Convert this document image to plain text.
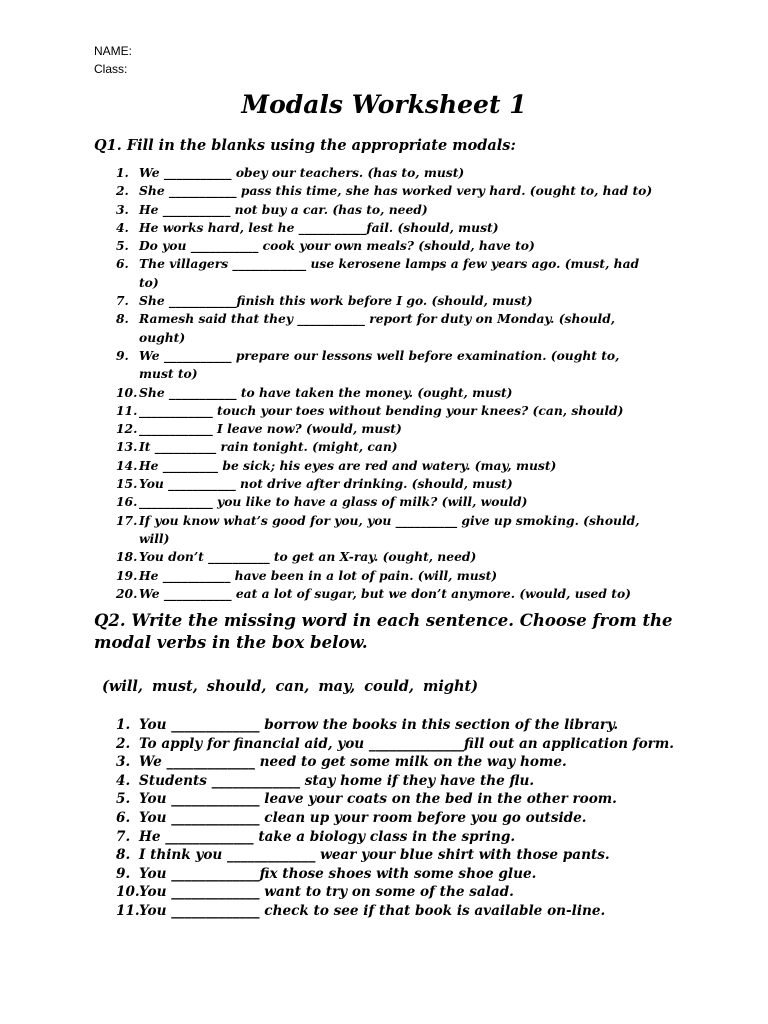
NAME:
Class:
Modals Worksheet 1
Q1. Fill in the blanks using the appropriate modals:
1. We ___________ obey our teachers. (has to, must)
2. She ___________ pass this time, she has worked very hard. (ought to, had to)
3. He ___________ not buy a car. (has to, need)
4. He works hard, lest he ___________fail. (should, must)
5. Do you ___________ cook your own meals? (should, have to)
6. The villagers ____________ use kerosene lamps a few years ago. (must, had to)
7. She ___________finish this work before I go. (should, must)
8. Ramesh said that they ___________ report for duty on Monday. (should, ought)
9. We ___________ prepare our lessons well before examination. (ought to, must to)
10. She ___________ to have taken the money. (ought, must)
11. ____________ touch your toes without bending your knees? (can, should)
12. ____________ I leave now? (would, must)
13. It __________ rain tonight. (might, can)
14. He _________ be sick; his eyes are red and watery. (may, must)
15. You ___________ not drive after drinking. (should, must)
16. ____________ you like to have a glass of milk? (will, would)
17. If you know what’s good for you, you __________ give up smoking. (should, will)
18. You don’t __________ to get an X-ray. (ought, need)
19. He ___________ have been in a lot of pain. (will, must)
20. We ___________ eat a lot of sugar, but we don’t anymore. (would, used to)
Q2. Write the missing word in each sentence. Choose from the modal verbs in the box below.

(will, must, should, can, may, could, might)

1. You _____________ borrow the books in this section of the library.
2. To apply for financial aid, you ______________fill out an application form.
3. We _____________ need to get some milk on the way home.
4. Students _____________ stay home if they have the flu.
5. You _____________ leave your coats on the bed in the other room.
6. You _____________ clean up your room before you go outside.
7. He _____________ take a biology class in the spring.
8. I think you _____________ wear your blue shirt with those pants.
9. You _____________fix those shoes with some shoe glue.
10. You _____________ want to try on some of the salad.
11. You _____________ check to see if that book is available on-line.
